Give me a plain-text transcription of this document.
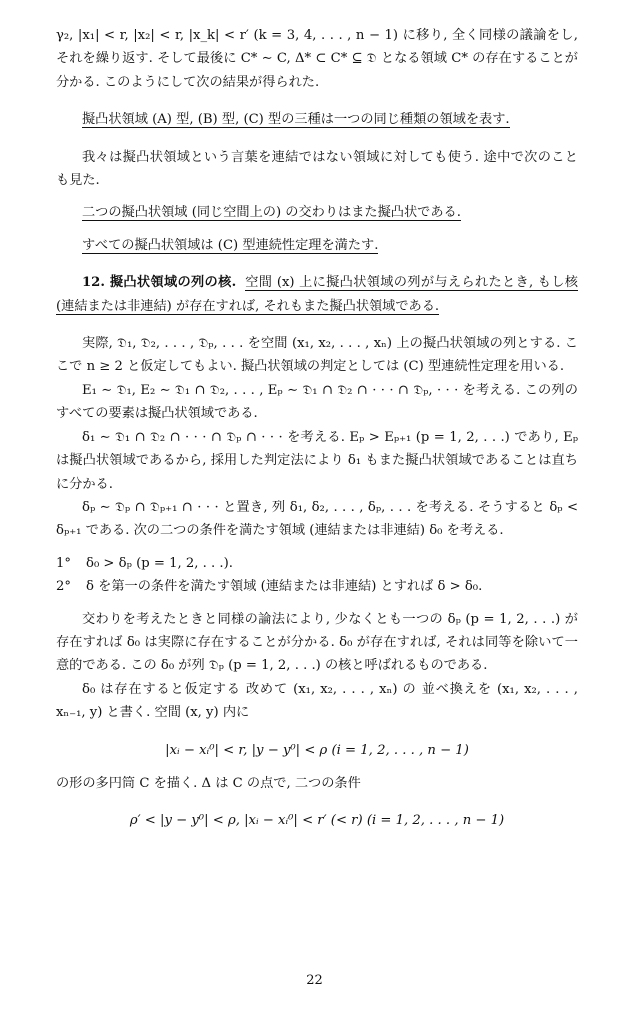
γ₂, |x₁| < r, |x₂| < r, |x_k| < r′ (k = 3, 4, . . . , n − 1) に移り, 全く同様の議論をし, それを繰り返す. そして最後に C* ∼ C, Δ* ⊂ C* ⊆ 𝔇 となる領域 C* の存在することが分かる. このようにして次の結果が得られた.

擬凸状領域 (A) 型, (B) 型, (C) 型の三種は一つの同じ種類の領域を表す.

我々は擬凸状領域という言葉を連結ではない領域に対しても使う. 途中で次のことも見た.

二つの擬凸状領域 (同じ空間上の) の交わりはまた擬凸状である.

すべての擬凸状領域は (C) 型連続性定理を満たす.

12. 擬凸状領域の列の核. 空間 (x) 上に擬凸状領域の列が与えられたとき, もし核 (連結または非連結) が存在すれば, それもまた擬凸状領域である.

実際, 𝔇₁, 𝔇₂, . . . , 𝔇ₚ, . . . を空間 (x₁, x₂, . . . , xₙ) 上の擬凸状領域の列とする. ここで n ≥ 2 と仮定してもよい. 擬凸状領域の判定としては (C) 型連続性定理を用いる.

E₁ ∼ 𝔇₁, E₂ ∼ 𝔇₁ ∩ 𝔇₂, . . . , Eₚ ∼ 𝔇₁ ∩ 𝔇₂ ∩ · · · ∩ 𝔇ₚ, · · · を考える. この列のすべての要素は擬凸状領域である.

δ₁ ∼ 𝔇₁ ∩ 𝔇₂ ∩ · · · ∩ 𝔇ₚ ∩ · · · を考える. Eₚ > Eₚ₊₁ (p = 1, 2, . . .) であり, Eₚ は擬凸状領域であるから, 採用した判定法により δ₁ もまた擬凸状領域であることは直ちに分かる.

δₚ ∼ 𝔇ₚ ∩ 𝔇ₚ₊₁ ∩ · · · と置き, 列 δ₁, δ₂, . . . , δₚ, . . . を考える. そうすると δₚ < δₚ₊₁ である. 次の二つの条件を満たす領域 (連結または非連結) δ₀ を考える.

1° δ₀ > δₚ (p = 1, 2, . . .).

2° δ を第一の条件を満たす領域 (連結または非連結) とすれば δ > δ₀.

交わりを考えたときと同様の論法により, 少なくとも一つの δₚ (p = 1, 2, . . .) が存在すれば δ₀ は実際に存在することが分かる. δ₀ が存在すれば, それは同等を除いて一意的である. この δ₀ が列 𝔇ₚ (p = 1, 2, . . .) の核と呼ばれるものである.

δ₀ は存在すると仮定する 改めて (x₁, x₂, . . . , xₙ) の 並べ換えを (x₁, x₂, . . . , xₙ₋₁, y) と書く. 空間 (x, y) 内に

|xᵢ − xᵢ⁰| < r, |y − y⁰| < ρ (i = 1, 2, . . . , n − 1)

の形の多円筒 C を描く. Δ は C の点で, 二つの条件

ρ′ < |y − y⁰| < ρ, |xᵢ − xᵢ⁰| < r′ (< r) (i = 1, 2, . . . , n − 1)
22
